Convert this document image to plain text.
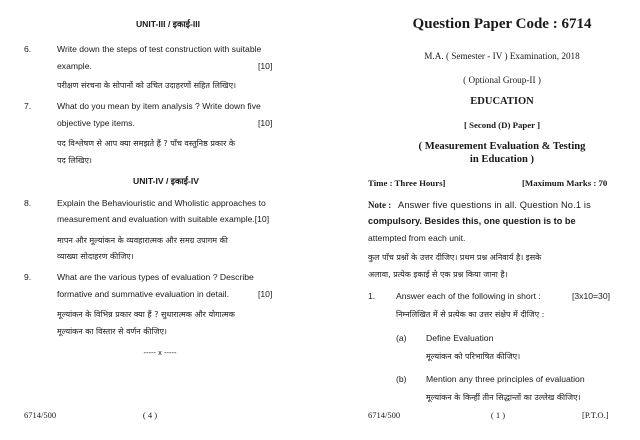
UNIT-III / इकाई-III
6.	Write down the steps of test construction with suitable
example.	[10]
परीक्षण संरचना के सोपानों को उचित उदाहरणों सहित लिखिए।
7.	What do you mean by item analysis ? Write down five
objective type items.	[10]
पद विश्लेषण से आप क्या समझते हैं ? पाँच वस्तुनिष्ठ प्रकार के
पद लिखिए।
UNIT-IV / इकाई-IV
8.	Explain the Behaviouristic and Wholistic approaches to
measurement and evaluation with suitable example.[10]
मापन और मूल्यांकन के व्यवहारात्मक और समग्र उपागम की
व्याख्या सोदाहरण कीजिए।
9.	What are the various types of evaluation ? Describe
formative and summative evaluation in detail.	[10]
मूल्यांकन के विभिन्न प्रकार क्या हैं ? सुधारात्मक और योगात्मक
मूल्यांकन का विस्तार से वर्णन कीजिए।
----- x -----
6714/500	( 4 )
Question Paper Code : 6714
M.A. ( Semester - IV ) Examination, 2018
( Optional Group-II )
EDUCATION
[ Second (D) Paper ]
( Measurement Evaluation & Testing
in Education )
Time : Three Hours]	[Maximum Marks : 70
Note : Answer five questions in all. Question No.1 is
compulsory. Besides this, one question is to be
attempted from each unit.
कुल पाँच प्रश्नों के उत्तर दीजिए। प्रथम प्रश्न अनिवार्य है। इसके
अलावा, प्रत्येक इकाई से एक प्रश्न किया जाना है।
1. Answer each of the following in short :	[3x10=30]
निम्नलिखित में से प्रत्येक का उत्तर संक्षेप में दीजिए :
(a) Define Evaluation
मूल्यांकन को परिभाषित कीजिए।
(b) Mention any three principles of evaluation
मूल्यांकन के किन्हीं तीन सिद्धान्तों का उल्लेख कीजिए।
6714/500	( 1 )	[P.T.O.]
